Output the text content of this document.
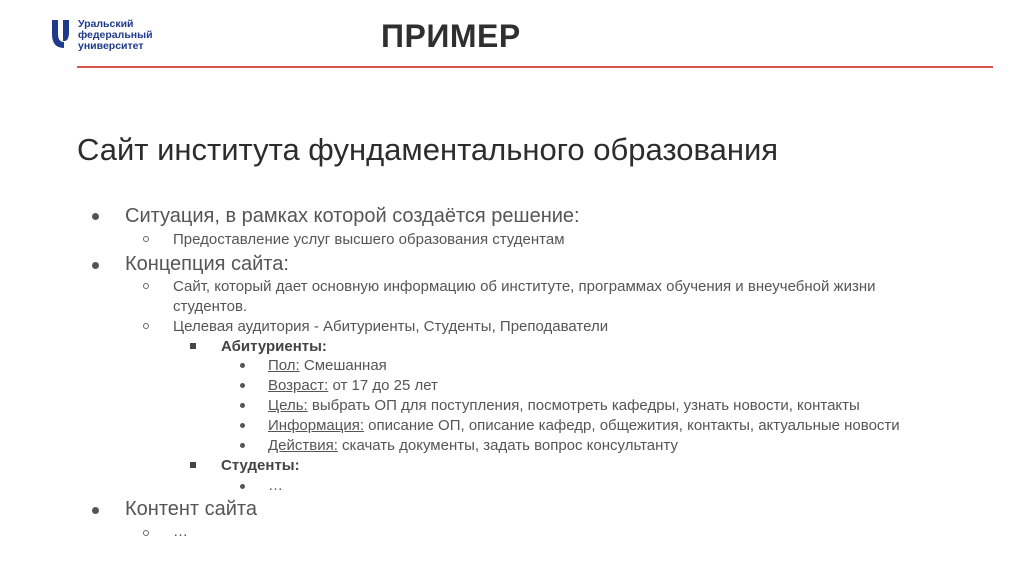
Уральский
федеральный
университет	ПРИМЕР
Сайт института фундаментального образования
Ситуация, в рамках которой создаётся решение:
Предоставление услуг высшего образования студентам
Концепция сайта:
Сайт, который дает основную информацию об институте, программах обучения и внеучебной жизни
студентов.
Целевая аудитория - Абитуриенты, Студенты, Преподаватели
Абитуриенты:
Пол: Смешанная
Возраст: от 17 до 25 лет
Цель: выбрать ОП для поступления, посмотреть кафедры, узнать новости, контакты
Информация: описание ОП, описание кафедр, общежития, контакты, актуальные новости
Действия: скачать документы, задать вопрос консультанту
Студенты:
…
Контент сайта
…
